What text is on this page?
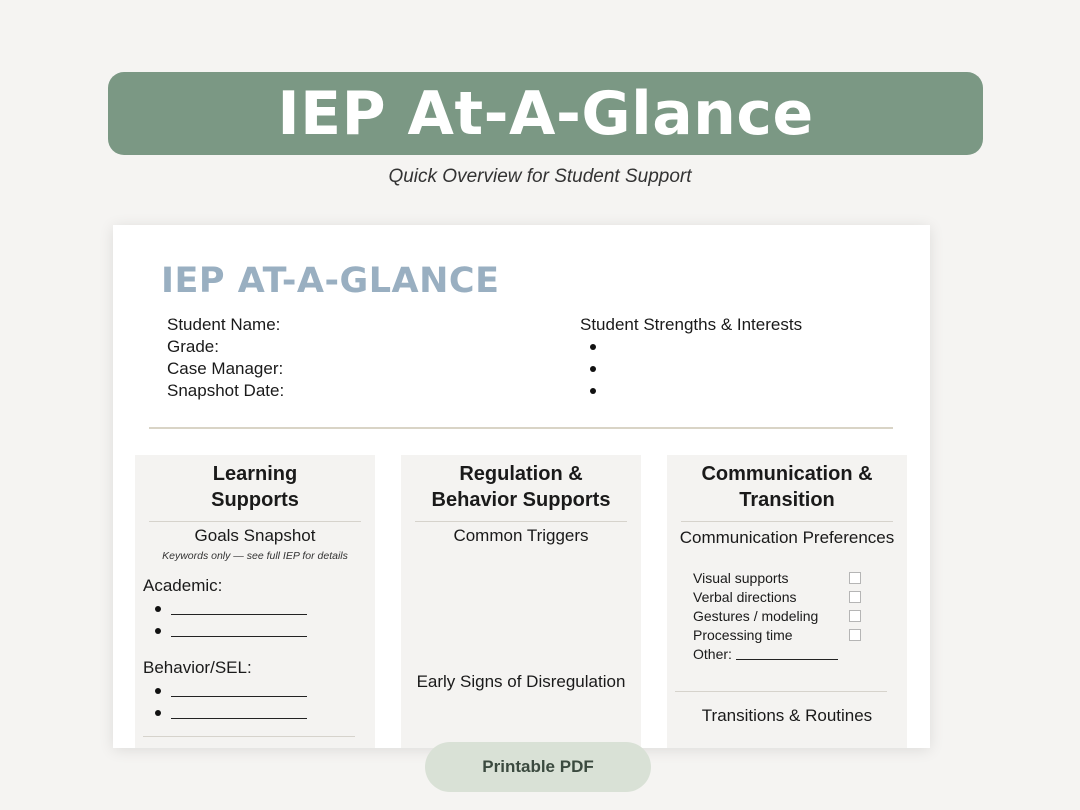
IEP At-A-Glance
Quick Overview for Student Support
IEP AT-A-GLANCE
Student Name:
Grade:
Case Manager:
Snapshot Date:
Student Strengths & Interests
Learning
Supports
Goals Snapshot
Keywords only — see full IEP for details
Academic:
Behavior/SEL:
Regulation &
Behavior Supports
Common Triggers
Early Signs of Disregulation
Communication &
Transition
Communication Preferences
Visual supports
Verbal directions
Gestures / modeling
Processing time
Other:
Transitions & Routines
Printable PDF
